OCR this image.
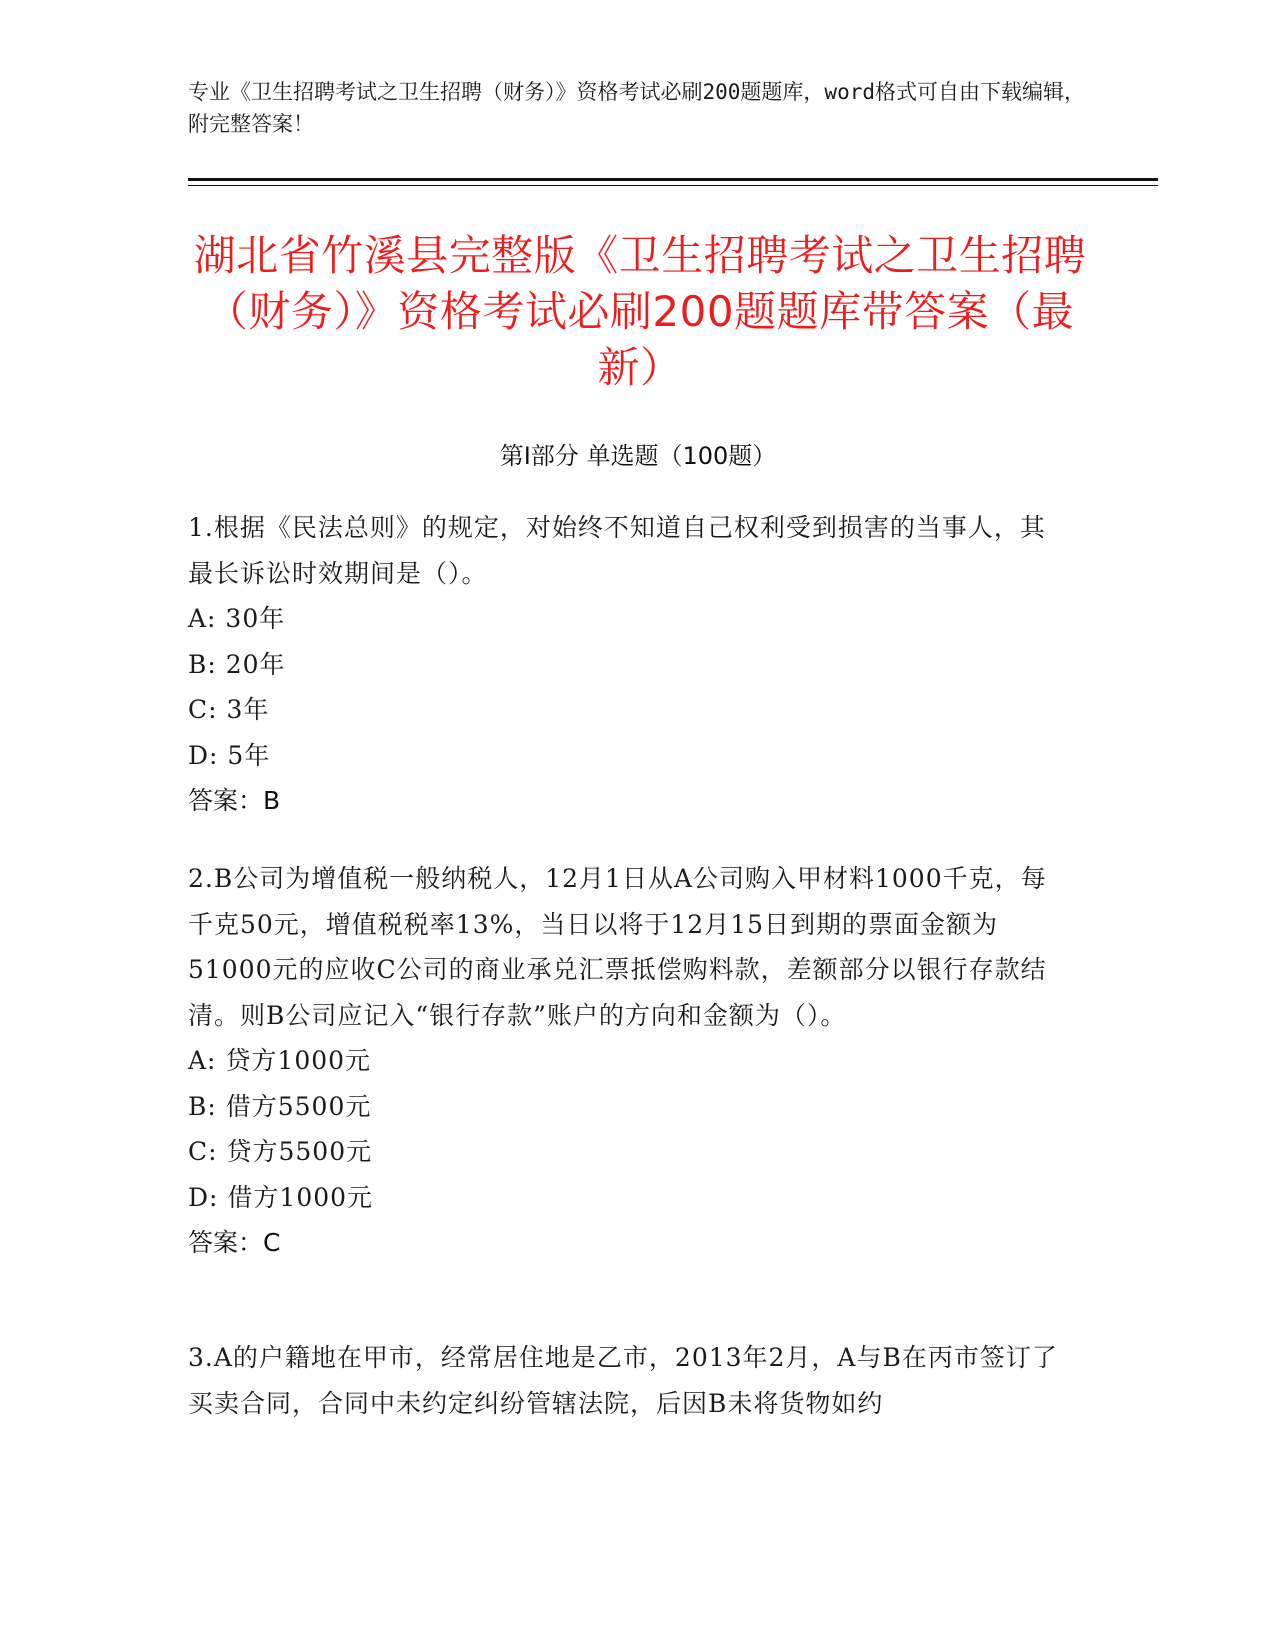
专业《卫生招聘考试之卫生招聘（财务）》资格考试必刷200题题库，word格式可自由下载编辑，附完整答案！
湖北省竹溪县完整版《卫生招聘考试之卫生招聘（财务）》资格考试必刷200题题库带答案（最新）
第Ⅰ部分 单选题（100题）
1.根据《民法总则》的规定，对始终不知道自己权利受到损害的当事人，其最长诉讼时效期间是（）。
A: 30年
B: 20年
C: 3年
D: 5年
答案：B
2.B公司为增值税一般纳税人，12月1日从A公司购入甲材料1000千克，每千克50元，增值税税率13%，当日以将于12月15日到期的票面金额为51000元的应收C公司的商业承兑汇票抵偿购料款，差额部分以银行存款结清。则B公司应记入“银行存款”账户的方向和金额为（）。
A: 贷方1000元
B: 借方5500元
C: 贷方5500元
D: 借方1000元
答案：C
3.A的户籍地在甲市，经常居住地是乙市，2013年2月，A与B在丙市签订了买卖合同，合同中未约定纠纷管辖法院，后因B未将货物如约
